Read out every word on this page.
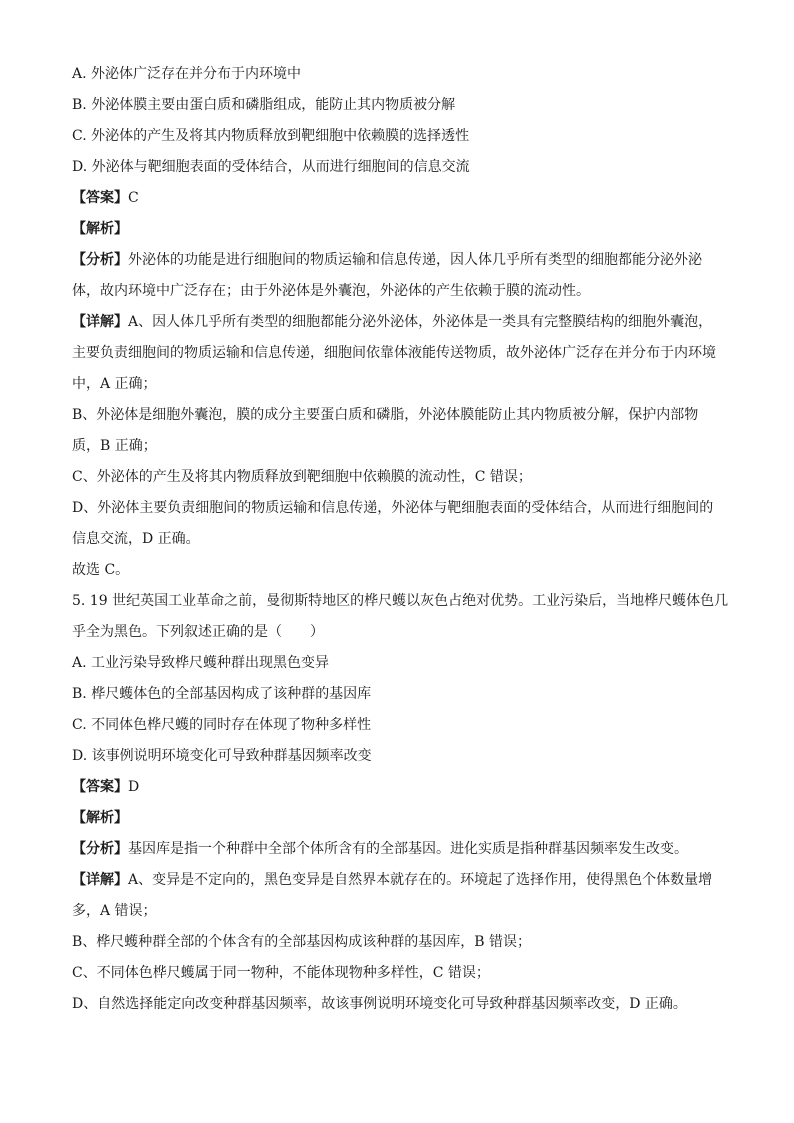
A. 外泌体广泛存在并分布于内环境中

B. 外泌体膜主要由蛋白质和磷脂组成，能防止其内物质被分解

C. 外泌体的产生及将其内物质释放到靶细胞中依赖膜的选择透性

D. 外泌体与靶细胞表面的受体结合，从而进行细胞间的信息交流

【答案】C

【解析】

【分析】外泌体的功能是进行细胞间的物质运输和信息传递，因人体几乎所有类型的细胞都能分泌外泌

体，故内环境中广泛存在；由于外泌体是外囊泡，外泌体的产生依赖于膜的流动性。

【详解】A、因人体几乎所有类型的细胞都能分泌外泌体，外泌体是一类具有完整膜结构的细胞外囊泡，

主要负责细胞间的物质运输和信息传递，细胞间依靠体液能传送物质，故外泌体广泛存在并分布于内环境

中，A 正确；

B、外泌体是细胞外囊泡，膜的成分主要蛋白质和磷脂，外泌体膜能防止其内物质被分解，保护内部物

质，B 正确；

C、外泌体的产生及将其内物质释放到靶细胞中依赖膜的流动性，C 错误；

D、外泌体主要负责细胞间的物质运输和信息传递，外泌体与靶细胞表面的受体结合，从而进行细胞间的

信息交流，D 正确。

故选 C。

5. 19 世纪英国工业革命之前，曼彻斯特地区的桦尺蠖以灰色占绝对优势。工业污染后，当地桦尺蠖体色几

乎全为黑色。下列叙述正确的是（　　）

A. 工业污染导致桦尺蠖种群出现黑色变异

B. 桦尺蠖体色的全部基因构成了该种群的基因库

C. 不同体色桦尺蠖的同时存在体现了物种多样性

D. 该事例说明环境变化可导致种群基因频率改变

【答案】D

【解析】

【分析】基因库是指一个种群中全部个体所含有的全部基因。进化实质是指种群基因频率发生改变。

【详解】A、变异是不定向的，黑色变异是自然界本就存在的。环境起了选择作用，使得黑色个体数量增

多，A 错误；

B、桦尺蠖种群全部的个体含有的全部基因构成该种群的基因库，B 错误；

C、不同体色桦尺蠖属于同一物种，不能体现物种多样性，C 错误；

D、自然选择能定向改变种群基因频率，故该事例说明环境变化可导致种群基因频率改变，D 正确。
